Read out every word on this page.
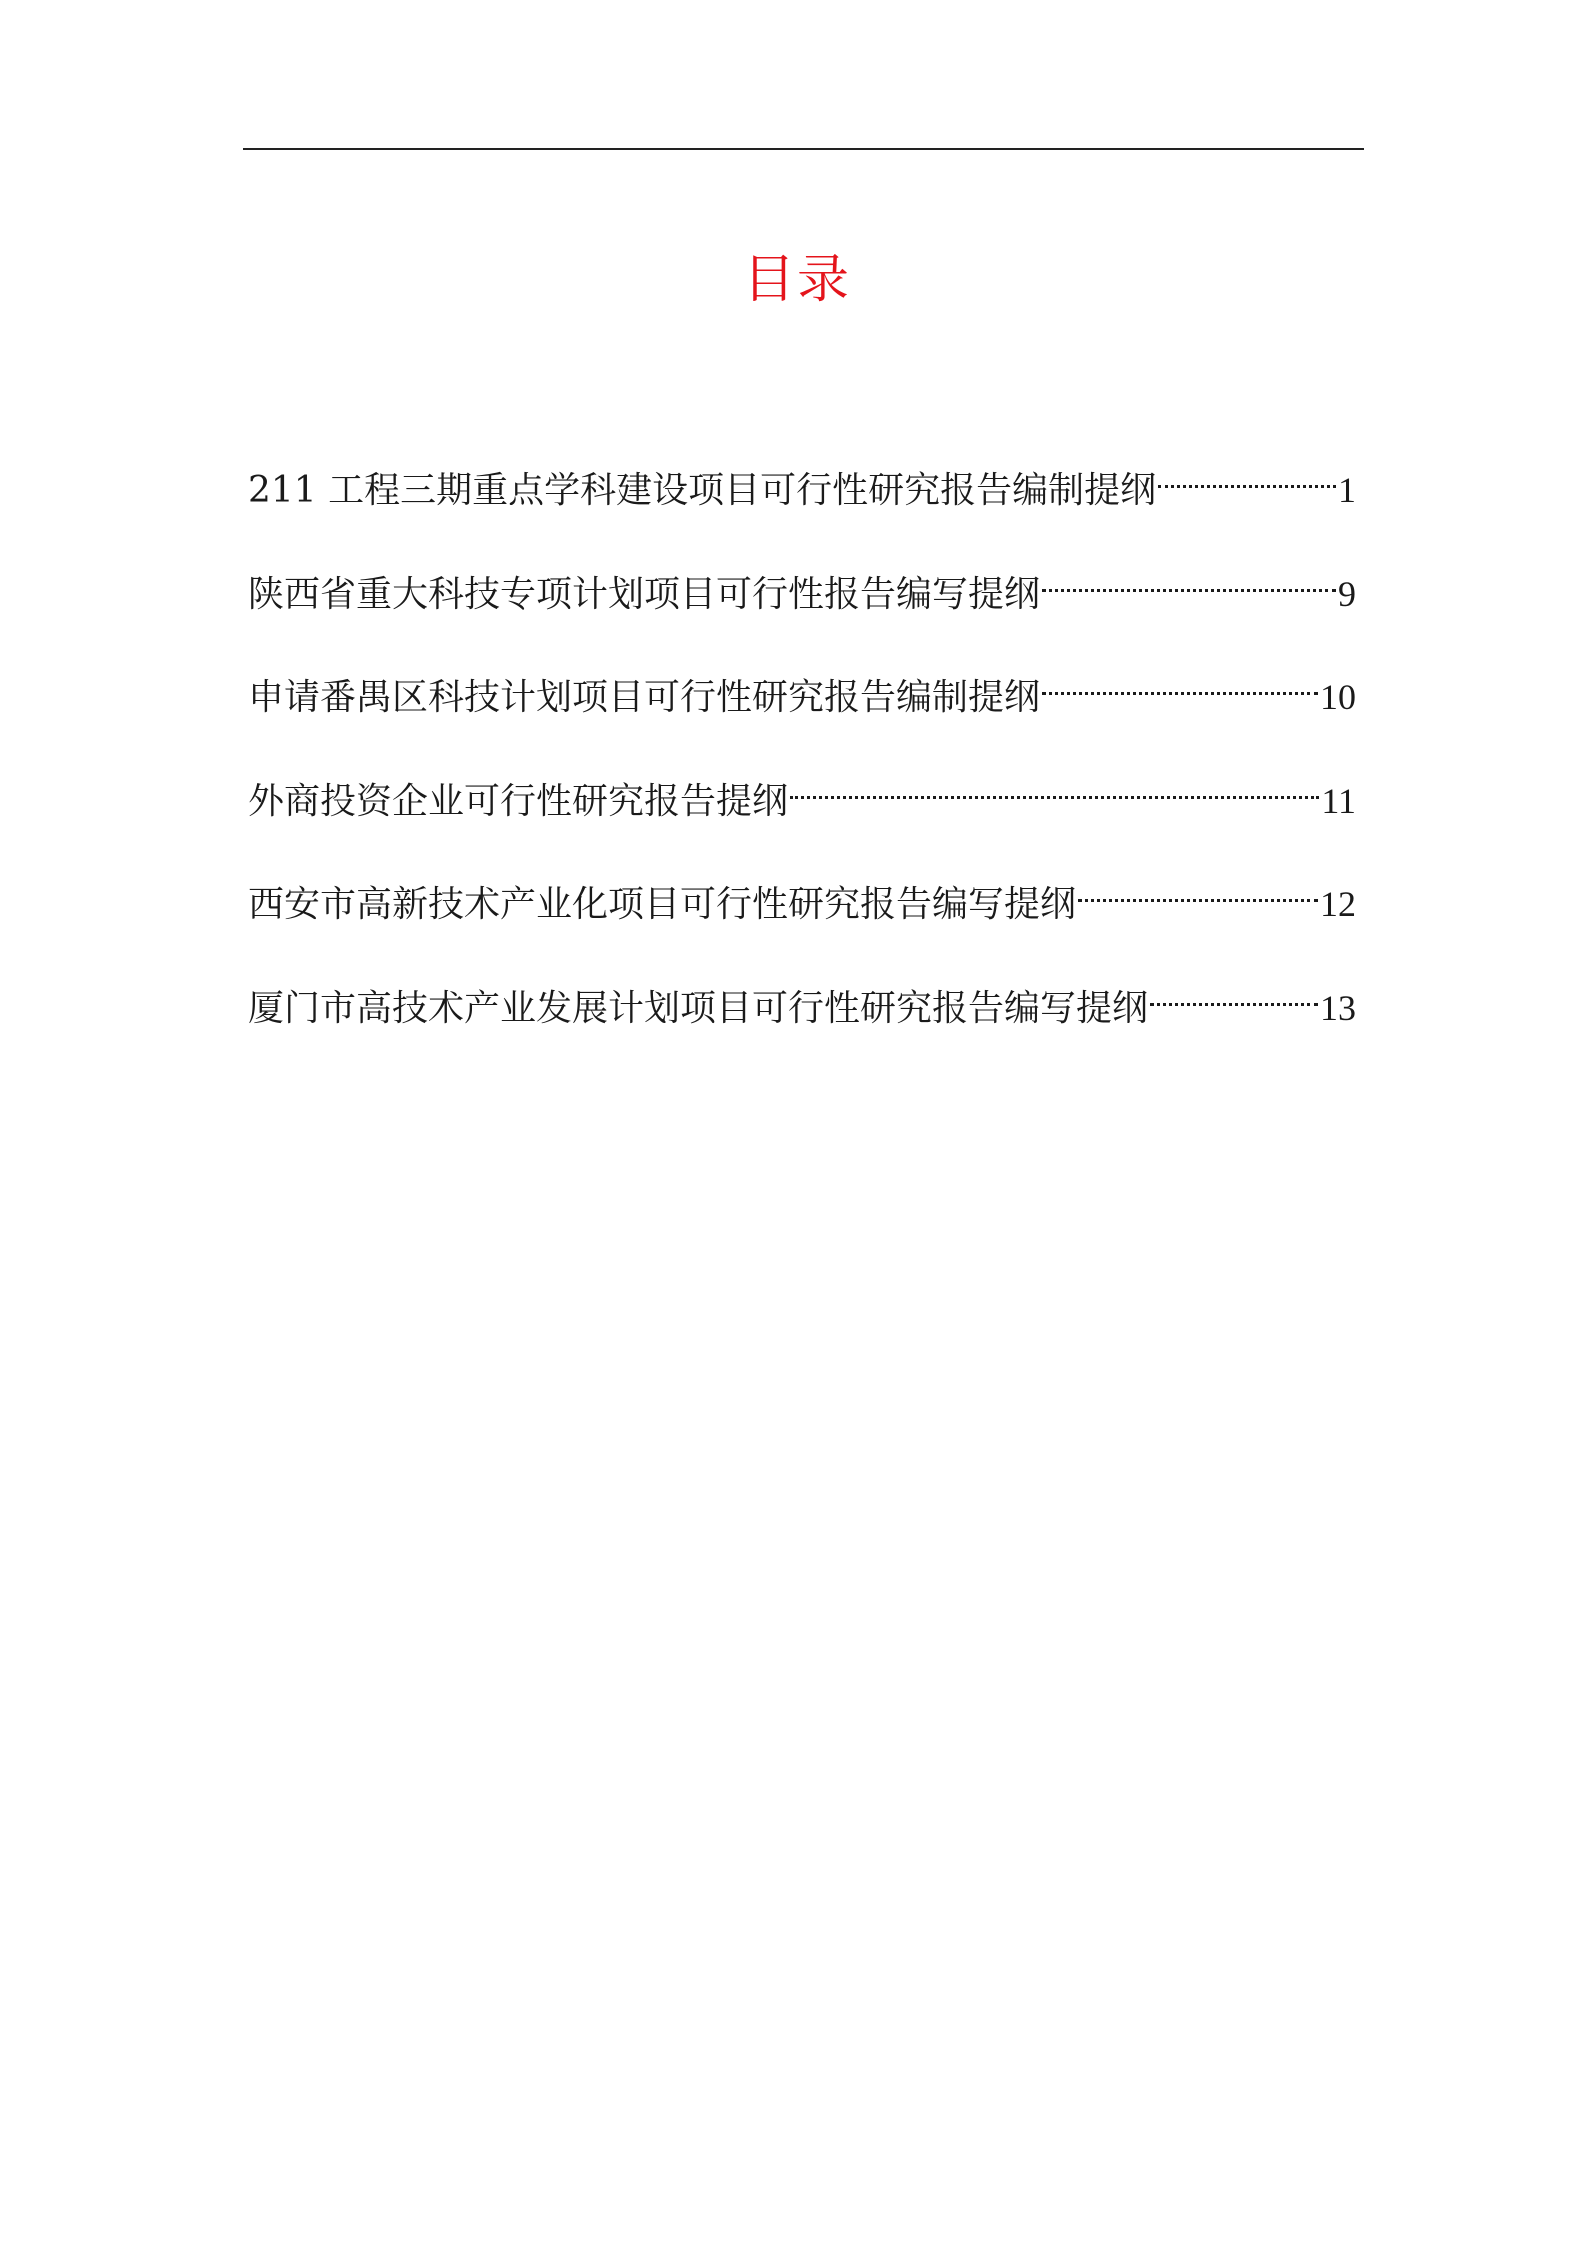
目录
211 工程三期重点学科建设项目可行性研究报告编制提纲	1
陕西省重大科技专项计划项目可行性报告编写提纲	9
申请番禺区科技计划项目可行性研究报告编制提纲	10
外商投资企业可行性研究报告提纲	11
西安市高新技术产业化项目可行性研究报告编写提纲	12
厦门市高技术产业发展计划项目可行性研究报告编写提纲	13
